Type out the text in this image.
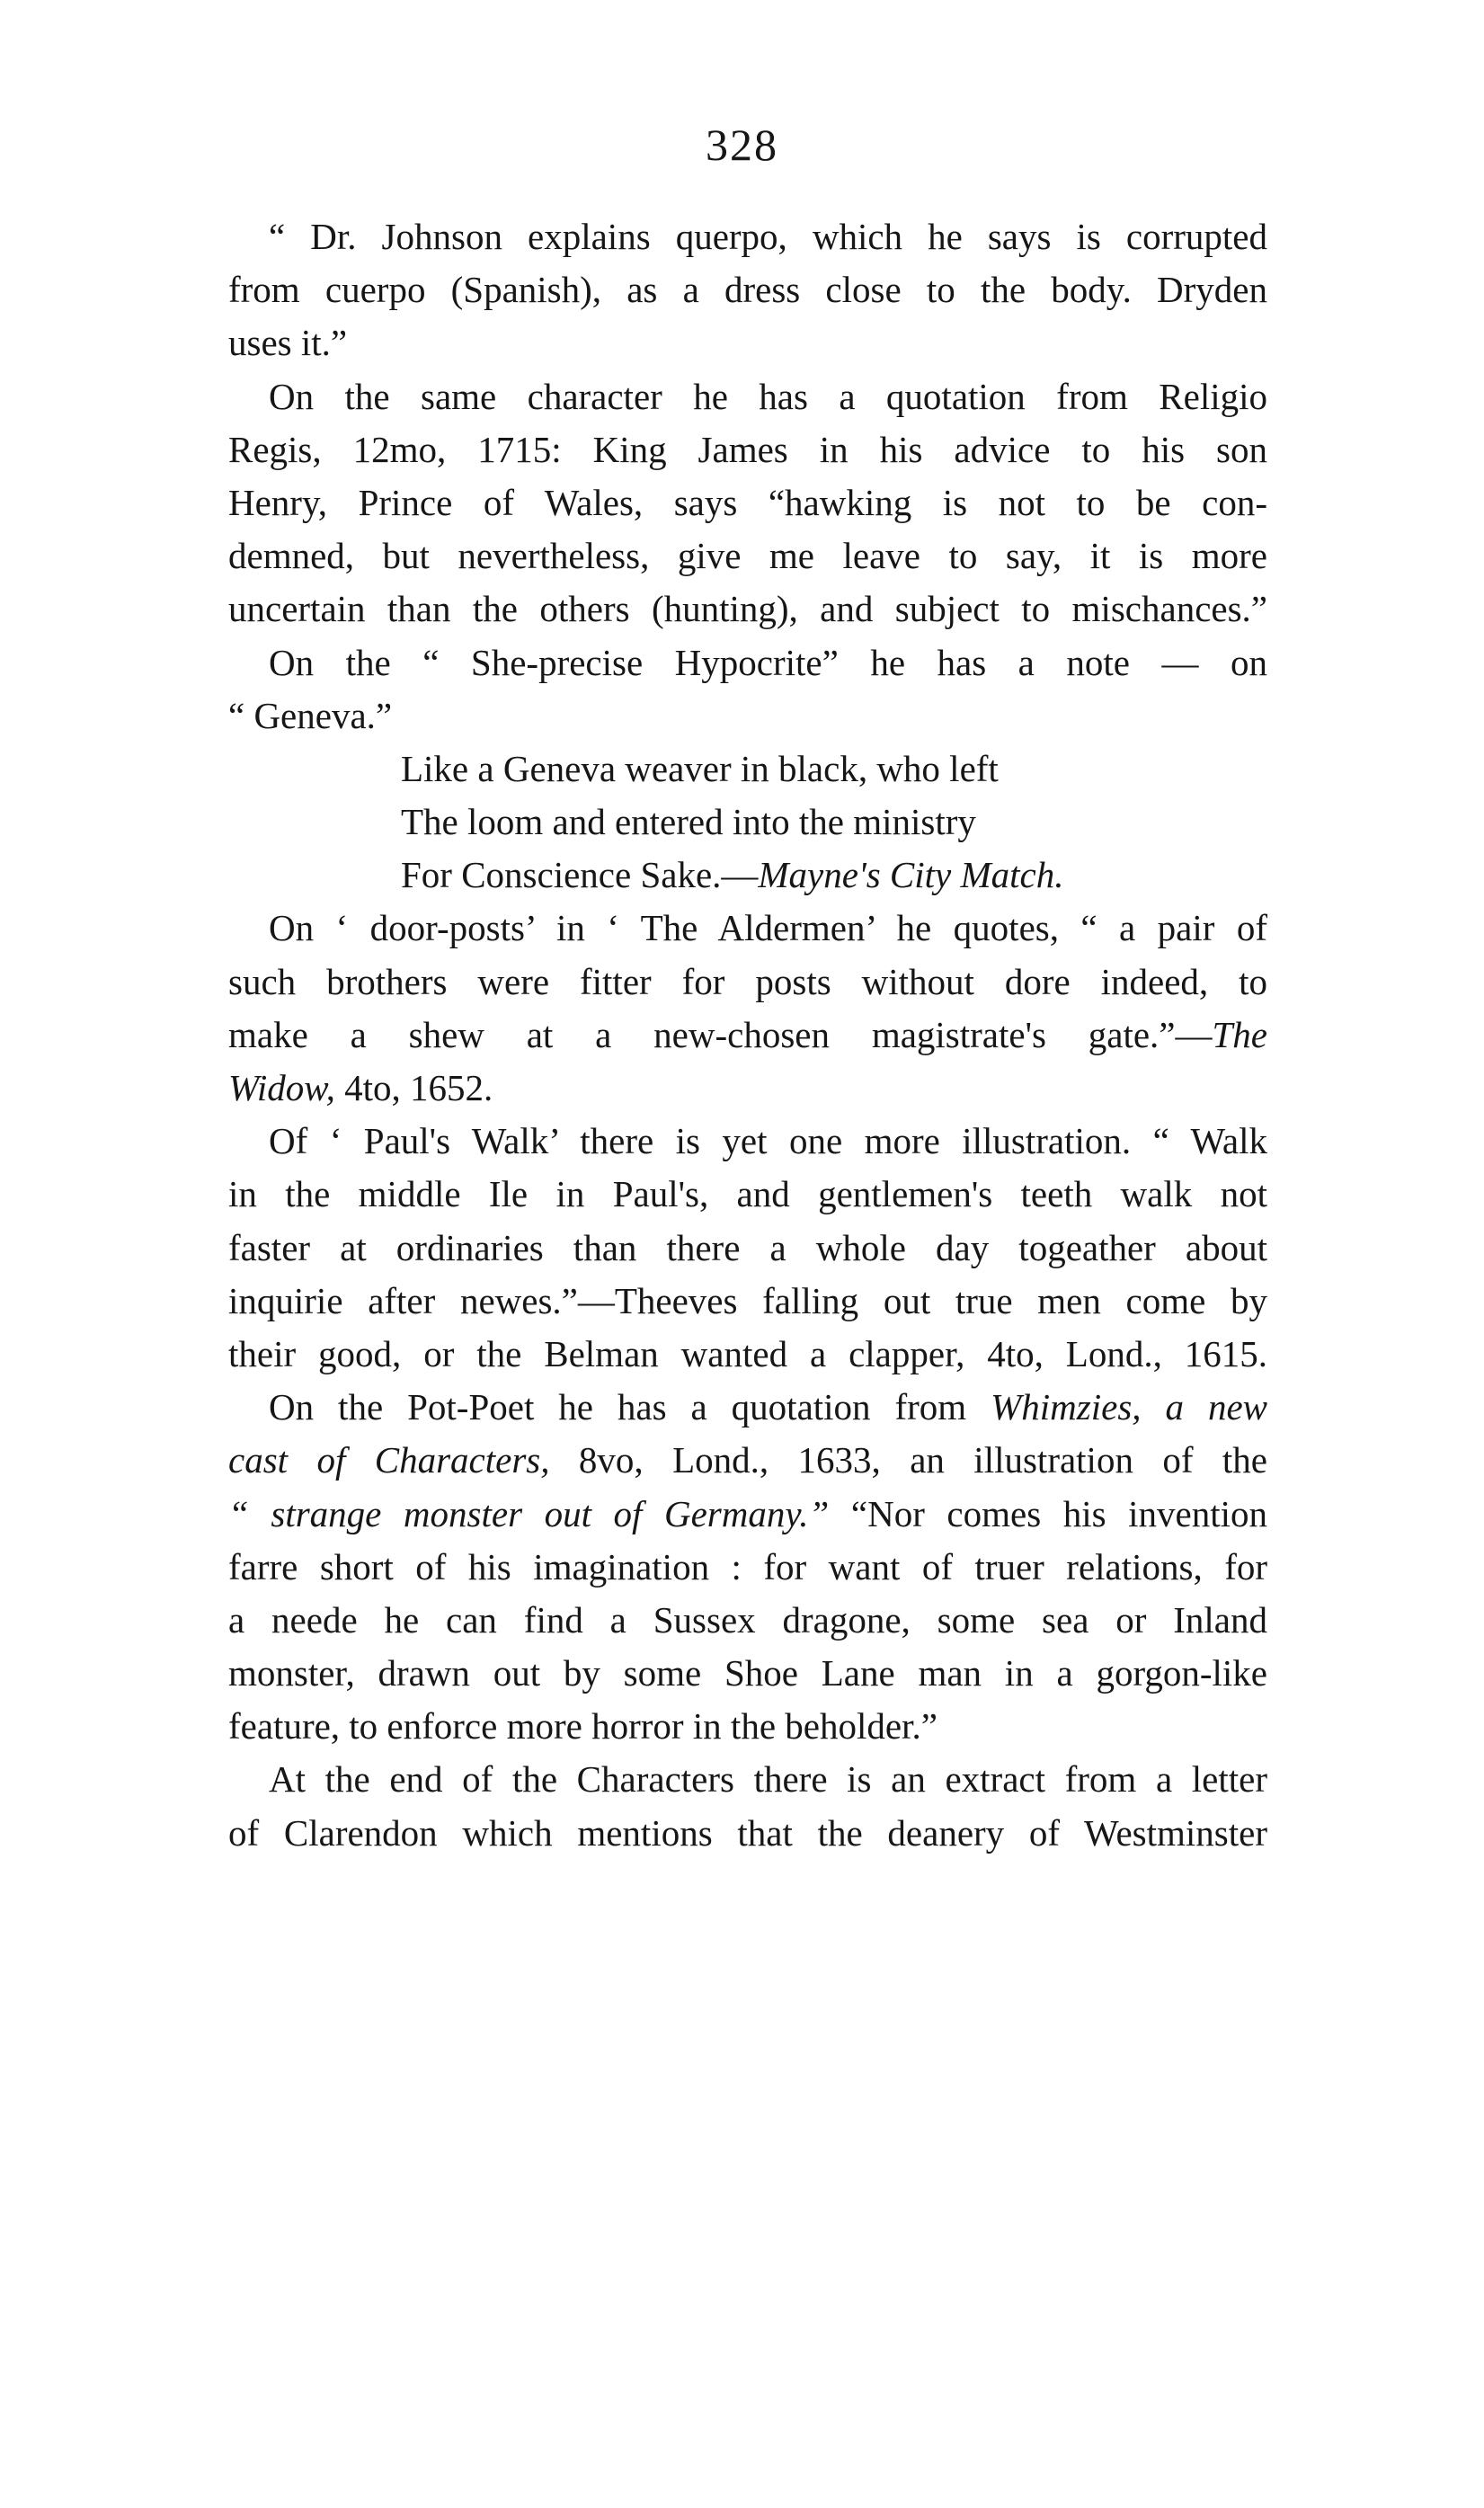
328
“ Dr. Johnson explains querpo, which he says is corrupted
from cuerpo (Spanish), as a dress close to the body. Dryden
uses it.”
On the same character he has a quotation from Religio
Regis, 12mo, 1715: King James in his advice to his son
Henry, Prince of Wales, says “hawking is not to be con-
demned, but nevertheless, give me leave to say, it is more
uncertain than the others (hunting), and subject to mischances.”
On the “ She-precise Hypocrite” he has a note — on
“ Geneva.”
Like a Geneva weaver in black, who left
The loom and entered into the ministry
For Conscience Sake.—Mayne's City Match.
On ‘ door-posts’ in ‘ The Aldermen’ he quotes, “ a pair of
such brothers were fitter for posts without dore indeed, to
make a shew at a new-chosen magistrate's gate.”—The
Widow, 4to, 1652.
Of ‘ Paul's Walk’ there is yet one more illustration. “ Walk
in the middle Ile in Paul's, and gentlemen's teeth walk not
faster at ordinaries than there a whole day togeather about
inquirie after newes.”—Theeves falling out true men come by
their good, or the Belman wanted a clapper, 4to, Lond., 1615.
On the Pot-Poet he has a quotation from Whimzies, a new
cast of Characters, 8vo, Lond., 1633, an illustration of the
“ strange monster out of Germany.” “Nor comes his invention
farre short of his imagination : for want of truer relations, for
a neede he can find a Sussex dragone, some sea or Inland
monster, drawn out by some Shoe Lane man in a gorgon-like
feature, to enforce more horror in the beholder.”
At the end of the Characters there is an extract from a letter
of Clarendon which mentions that the deanery of Westminster
